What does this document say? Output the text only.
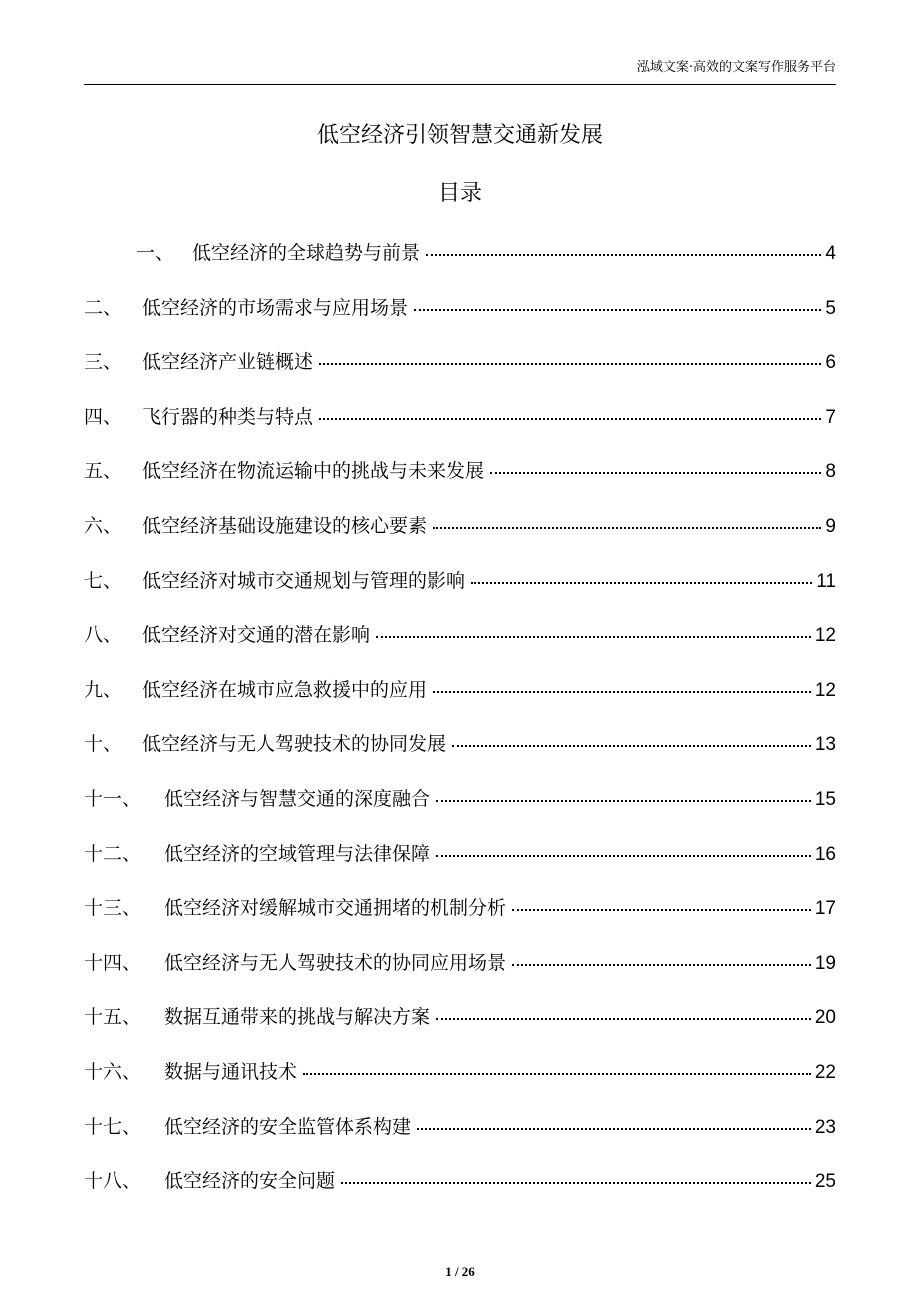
泓域文案·高效的文案写作服务平台
低空经济引领智慧交通新发展
目录
一、 低空经济的全球趋势与前景	4
二、	低空经济的市场需求与应用场景	5
三、	低空经济产业链概述	6
四、	飞行器的种类与特点	7
五、	低空经济在物流运输中的挑战与未来发展	8
六、	低空经济基础设施建设的核心要素	9
七、	低空经济对城市交通规划与管理的影响	11
八、	低空经济对交通的潜在影响	12
九、	低空经济在城市应急救援中的应用	12
十、	低空经济与无人驾驶技术的协同发展	13
十一、	低空经济与智慧交通的深度融合	15
十二、	低空经济的空域管理与法律保障	16
十三、	低空经济对缓解城市交通拥堵的机制分析	17
十四、	低空经济与无人驾驶技术的协同应用场景	19
十五、	数据互通带来的挑战与解决方案	20
十六、	数据与通讯技术	22
十七、	低空经济的安全监管体系构建	23
十八、	低空经济的安全问题	25
1 / 26
